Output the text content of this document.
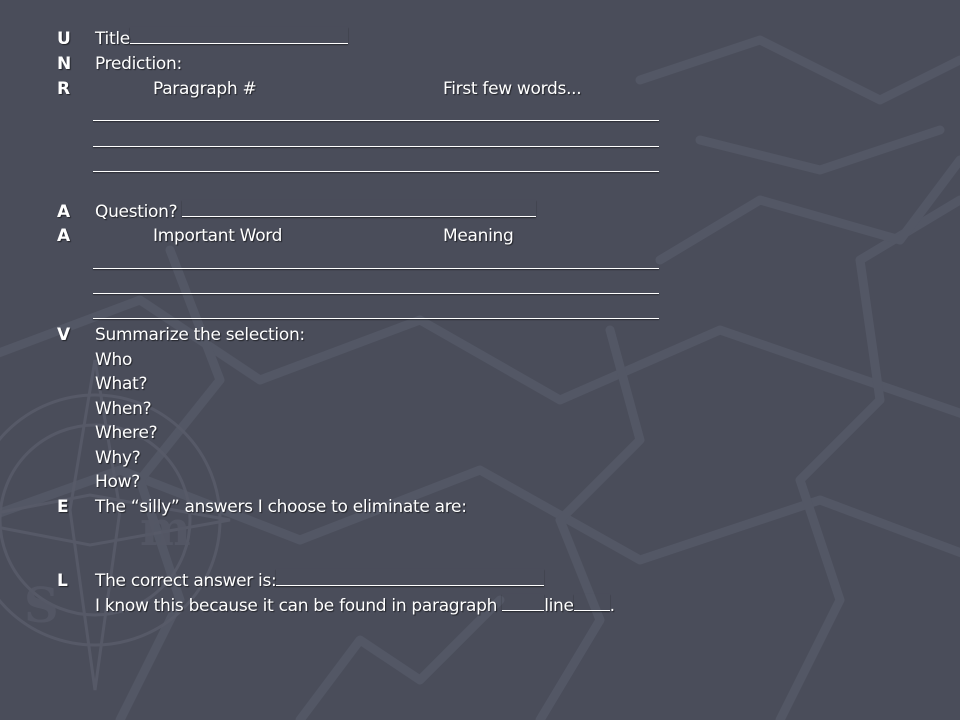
S
m
U Title
N Prediction:
R	Paragraph #	First few words...
A Question?
A	Important Word	Meaning
V Summarize the selection:
Who
What?
When?
Where?
Why?
How?
E The “silly” answers I choose to eliminate are:
L The correct answer is:
I know this because it can be found in paragraph	line .
